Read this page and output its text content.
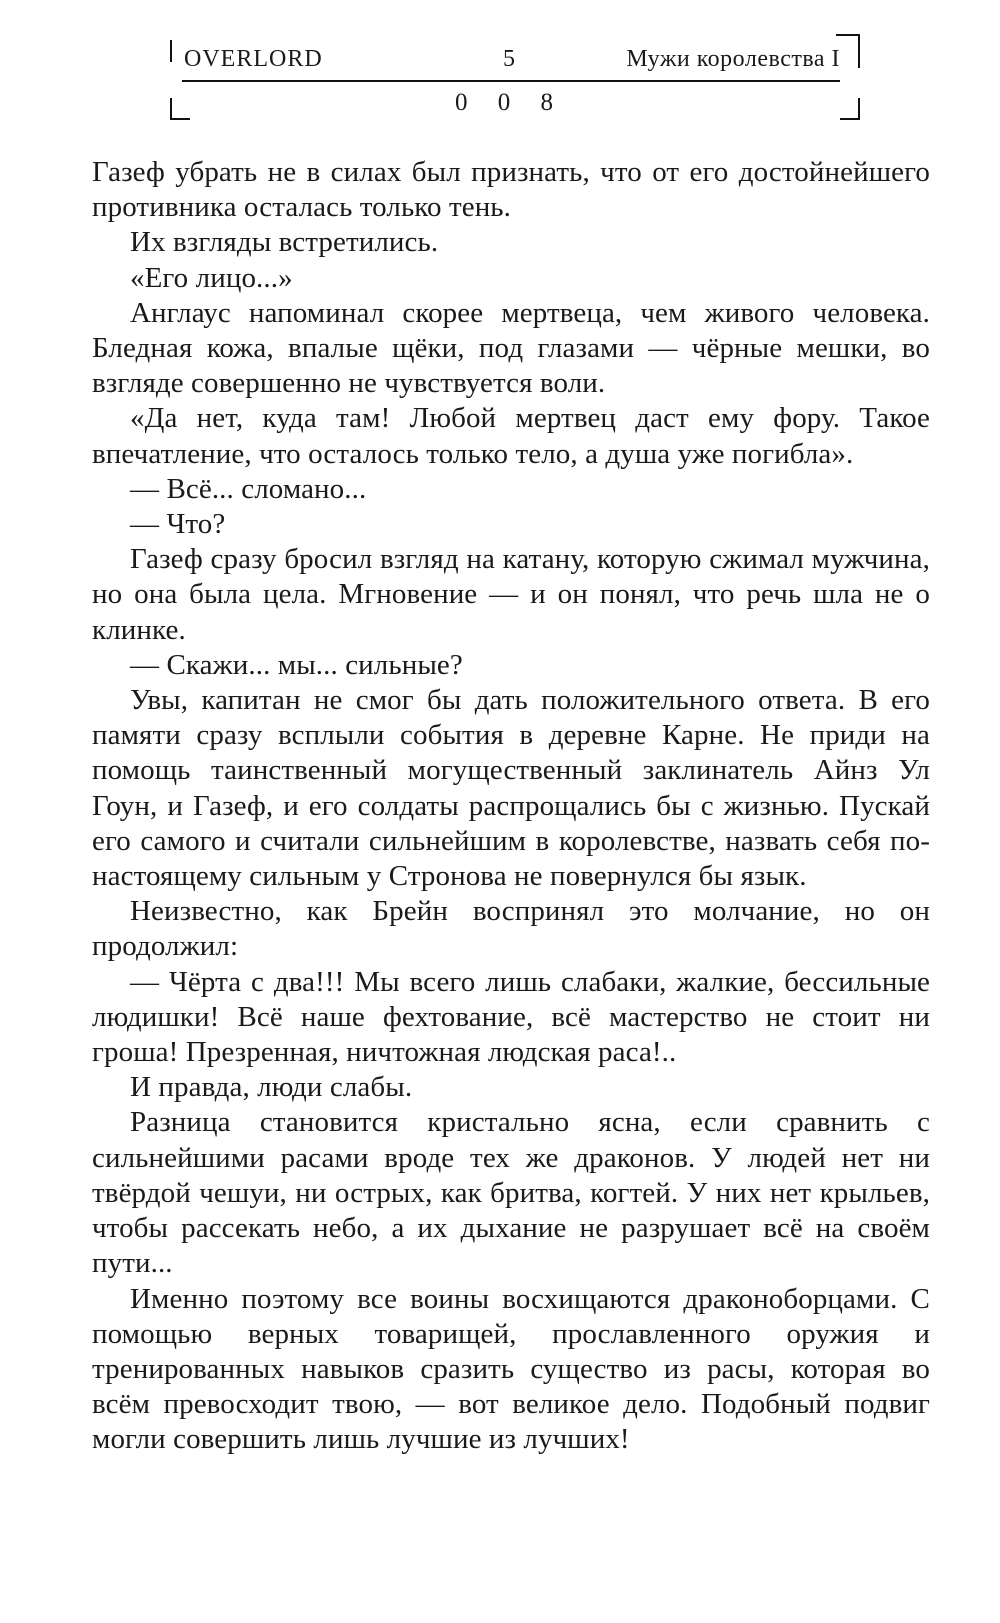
OVERLORD	5	Мужи королевства I
0 0 8

Газеф убрать не в силах был признать, что от его достойнейшего противника осталась только тень.

Их взгляды встретились.

«Его лицо...»

Англаус напоминал скорее мертвеца, чем живого человека. Бледная кожа, впалые щёки, под глазами — чёрные мешки, во взгляде совершенно не чувствуется воли.

«Да нет, куда там! Любой мертвец даст ему фору. Такое впечатление, что осталось только тело, а душа уже погибла».

— Всё... сломано...

— Что?

Газеф сразу бросил взгляд на катану, которую сжимал мужчина, но она была цела. Мгновение — и он понял, что речь шла не о клинке.

— Скажи... мы... сильные?

Увы, капитан не смог бы дать положительного ответа. В его памяти сразу всплыли события в деревне Карне. Не приди на помощь таинственный могущественный заклинатель Айнз Ул Гоун, и Газеф, и его солдаты распрощались бы с жизнью. Пускай его самого и считали сильнейшим в королевстве, назвать себя по-настоящему сильным у Стронова не повернулся бы язык.

Неизвестно, как Брейн воспринял это молчание, но он продолжил:

— Чёрта с два!!! Мы всего лишь слабаки, жалкие, бессильные людишки! Всё наше фехтование, всё мастерство не стоит ни гроша! Презренная, ничтожная людская раса!..

И правда, люди слабы.

Разница становится кристально ясна, если сравнить с сильнейшими расами вроде тех же драконов. У людей нет ни твёрдой чешуи, ни острых, как бритва, когтей. У них нет крыльев, чтобы рассекать небо, а их дыхание не разрушает всё на своём пути...

Именно поэтому все воины восхищаются драконоборцами. С помощью верных товарищей, прославленного оружия и тренированных навыков сразить существо из расы, которая во всём превосходит твою, — вот великое дело. Подобный подвиг могли совершить лишь лучшие из лучших!
